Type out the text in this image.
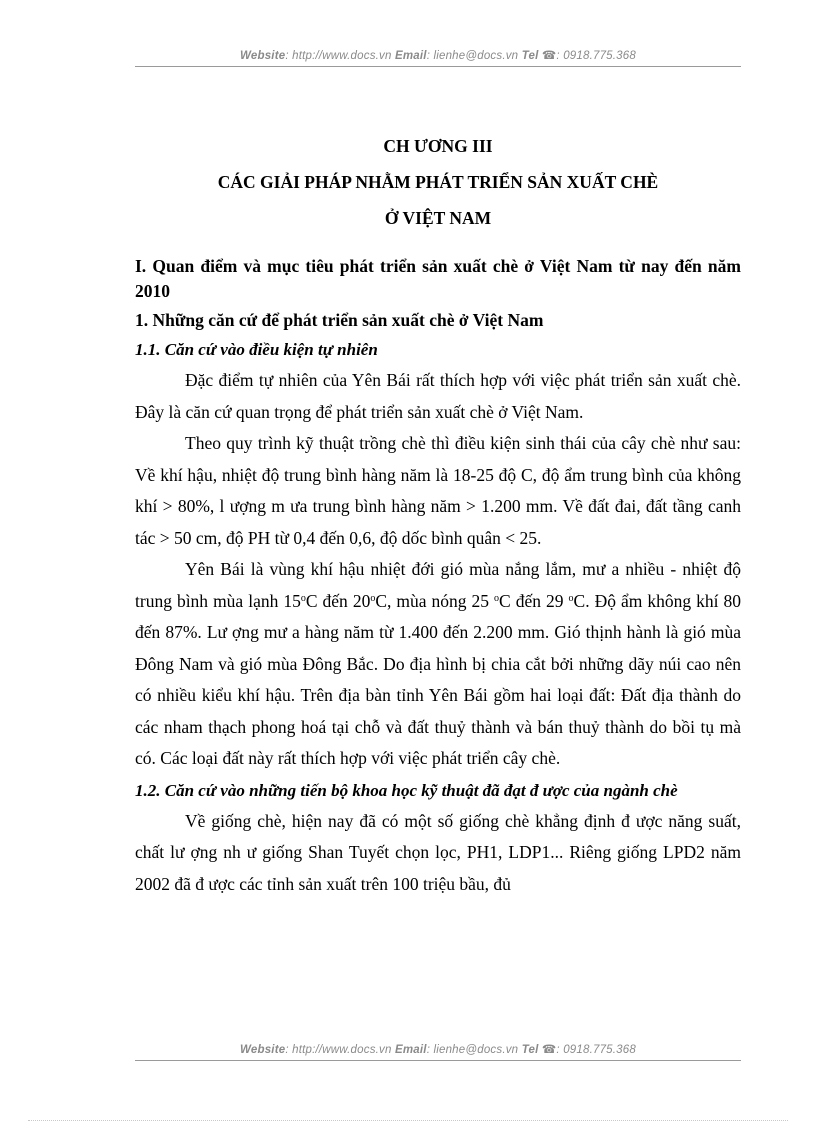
Website: http://www.docs.vn Email: lienhe@docs.vn Tel ☎: 0918.775.368

CH ƯƠNG III

CÁC GIẢI PHÁP NHẰM PHÁT TRIỂN SẢN XUẤT CHÈ

Ở VIỆT NAM

I. Quan điểm và mục tiêu phát triển sản xuất chè ở Việt Nam từ nay đến năm 2010

1. Những căn cứ để phát triển sản xuất chè ở Việt Nam

1.1. Căn cứ vào điều kiện tự nhiên

Đặc điểm tự nhiên của Yên Bái rất thích hợp với việc phát triển sản xuất chè. Đây là căn cứ quan trọng để phát triển sản xuất chè ở Việt Nam.

Theo quy trình kỹ thuật trồng chè thì điều kiện sinh thái của cây chè như sau: Về khí hậu, nhiệt độ trung bình hàng năm là 18-25 độ C, độ ẩm trung bình của không khí > 80%, l ượng m ưa trung bình hàng năm > 1.200 mm. Về đất đai, đất tầng canh tác > 50 cm, độ PH từ 0,4 đến 0,6, độ dốc bình quân < 25.

Yên Bái là vùng khí hậu nhiệt đới gió mùa nắng lắm, mư a nhiều - nhiệt độ trung bình mùa lạnh 15$^o$C đến 20$^o$C, mùa nóng 25 $^o$C đến 29 $^o$C. Độ ẩm không khí 80 đến 87%. Lư ợng mư a hàng năm từ 1.400 đến 2.200 mm. Gió thịnh hành là gió mùa Đông Nam và gió mùa Đông Bắc. Do địa hình bị chia cắt bởi những dãy núi cao nên có nhiều kiểu khí hậu. Trên địa bàn tỉnh Yên Bái gồm hai loại đất: Đất địa thành do các nham thạch phong hoá tại chỗ và đất thuỷ thành và bán thuỷ thành do bồi tụ mà có. Các loại đất này rất thích hợp với việc phát triển cây chè.

1.2. Căn cứ vào những tiến bộ khoa học kỹ thuật đã đạt đ ược của ngành chè

Về giống chè, hiện nay đã có một số giống chè khẳng định đ ược năng suất, chất lư ợng nh ư giống Shan Tuyết chọn lọc, PH1, LDP1... Riêng giống LPD2 năm 2002 đã đ ược các tỉnh sản xuất trên 100 triệu bầu, đủ

Website: http://www.docs.vn Email: lienhe@docs.vn Tel ☎: 0918.775.368
